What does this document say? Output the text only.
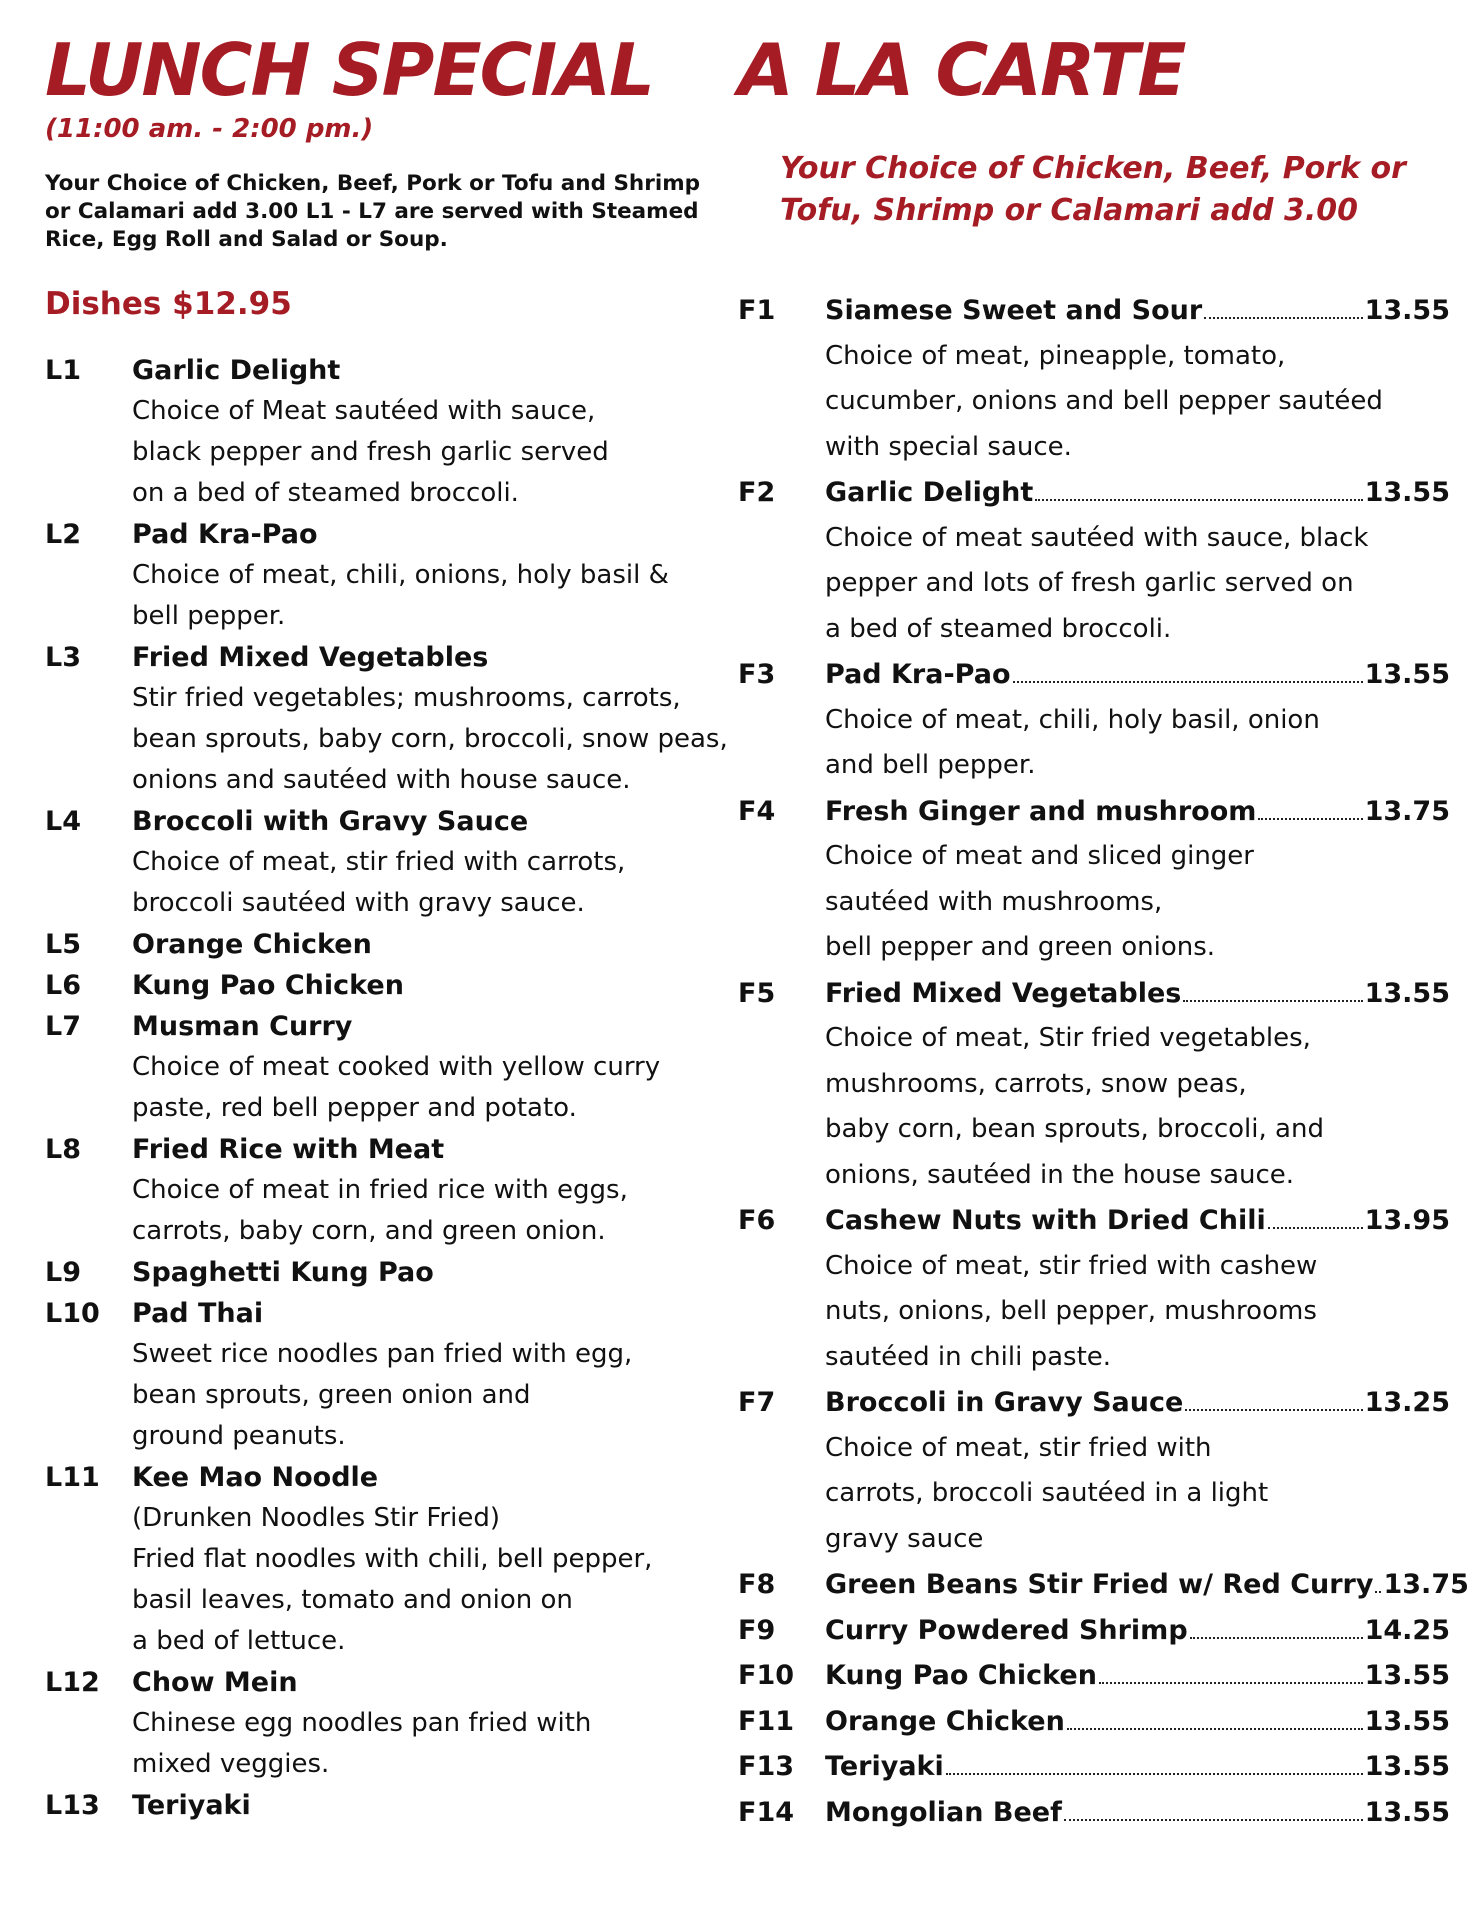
LUNCH SPECIAL
(11:00 am. - 2:00 pm.)
Your Choice of Chicken, Beef, Pork or Tofu and Shrimp or Calamari add 3.00 L1 - L7 are served with Steamed Rice, Egg Roll and Salad or Soup.
Dishes $12.95
L1	Garlic Delight
Choice of Meat sautéed with sauce,
black pepper and fresh garlic served
on a bed of steamed broccoli.
L2	Pad Kra-Pao
Choice of meat, chili, onions, holy basil &
bell pepper.
L3	Fried Mixed Vegetables
Stir fried vegetables; mushrooms, carrots,
bean sprouts, baby corn, broccoli, snow peas,
onions and sautéed with house sauce.
L4	Broccoli with Gravy Sauce
Choice of meat, stir fried with carrots,
broccoli sautéed with gravy sauce.
L5	Orange Chicken
L6	Kung Pao Chicken
L7	Musman Curry
Choice of meat cooked with yellow curry
paste, red bell pepper and potato.
L8	Fried Rice with Meat
Choice of meat in fried rice with eggs,
carrots, baby corn, and green onion.
L9	Spaghetti Kung Pao
L10	Pad Thai
Sweet rice noodles pan fried with egg,
bean sprouts, green onion and
ground peanuts.
L11	Kee Mao Noodle
(Drunken Noodles Stir Fried)
Fried flat noodles with chili, bell pepper,
basil leaves, tomato and onion on
a bed of lettuce.
L12	Chow Mein
Chinese egg noodles pan fried with
mixed veggies.
L13	Teriyaki
A LA CARTE
Your Choice of Chicken, Beef, Pork or Tofu, Shrimp or Calamari add 3.00
F1	Siamese Sweet and Sour	13.55
Choice of meat, pineapple, tomato,
cucumber, onions and bell pepper sautéed
with special sauce.
F2	Garlic Delight	13.55
Choice of meat sautéed with sauce, black
pepper and lots of fresh garlic served on
a bed of steamed broccoli.
F3	Pad Kra-Pao	13.55
Choice of meat, chili, holy basil, onion
and bell pepper.
F4	Fresh Ginger and mushroom	13.75
Choice of meat and sliced ginger
sautéed with mushrooms,
bell pepper and green onions.
F5	Fried Mixed Vegetables	13.55
Choice of meat, Stir fried vegetables,
mushrooms, carrots, snow peas,
baby corn, bean sprouts, broccoli, and
onions, sautéed in the house sauce.
F6	Cashew Nuts with Dried Chili	13.95
Choice of meat, stir fried with cashew
nuts, onions, bell pepper, mushrooms
sautéed in chili paste.
F7	Broccoli in Gravy Sauce	13.25
Choice of meat, stir fried with
carrots, broccoli sautéed in a light
gravy sauce
F8	Green Beans Stir Fried w/ Red Curry 13.75
F9	Curry Powdered Shrimp	14.25
F10	Kung Pao Chicken	13.55
F11	Orange Chicken	13.55
F13	Teriyaki	13.55
F14	Mongolian Beef	13.55
